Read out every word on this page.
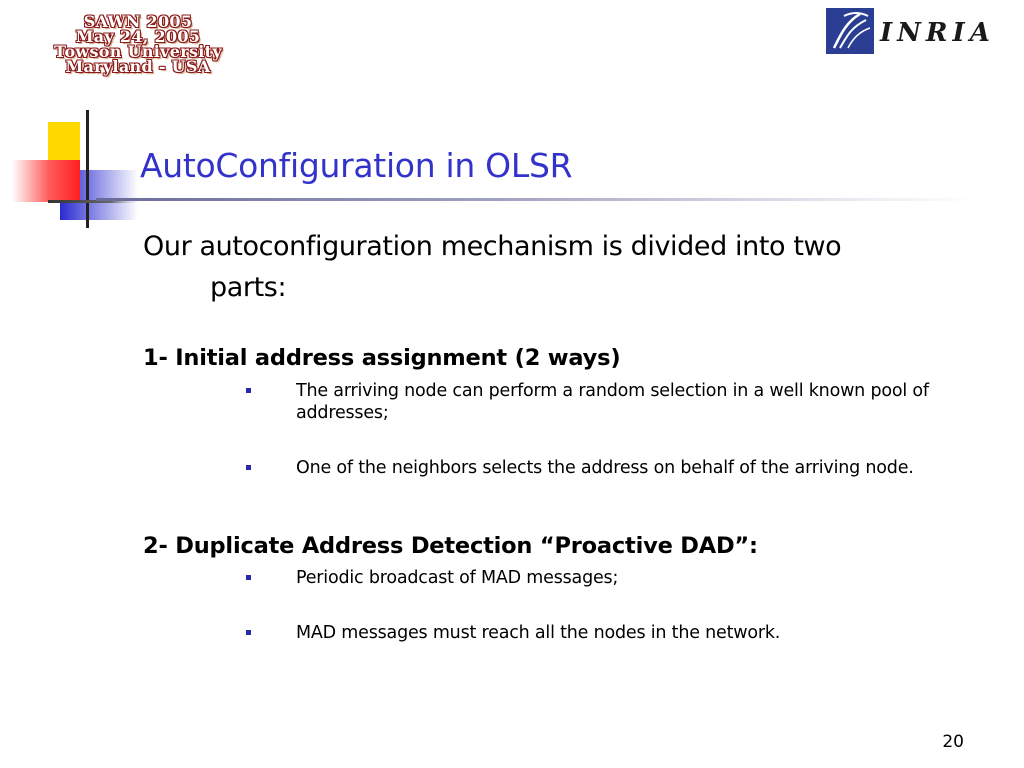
SAWN 2005
May 24, 2005
Towson University
Maryland - USA
INRIA
AutoConfiguration in OLSR
Our autoconfiguration mechanism is divided into two
parts:
1- Initial address assignment (2 ways)
The arriving node can perform a random selection in a well known pool of addresses;
One of the neighbors selects the address on behalf of the arriving node.
2- Duplicate Address Detection “Proactive DAD”:
Periodic broadcast of MAD messages;
MAD messages must reach all the nodes in the network.
20
